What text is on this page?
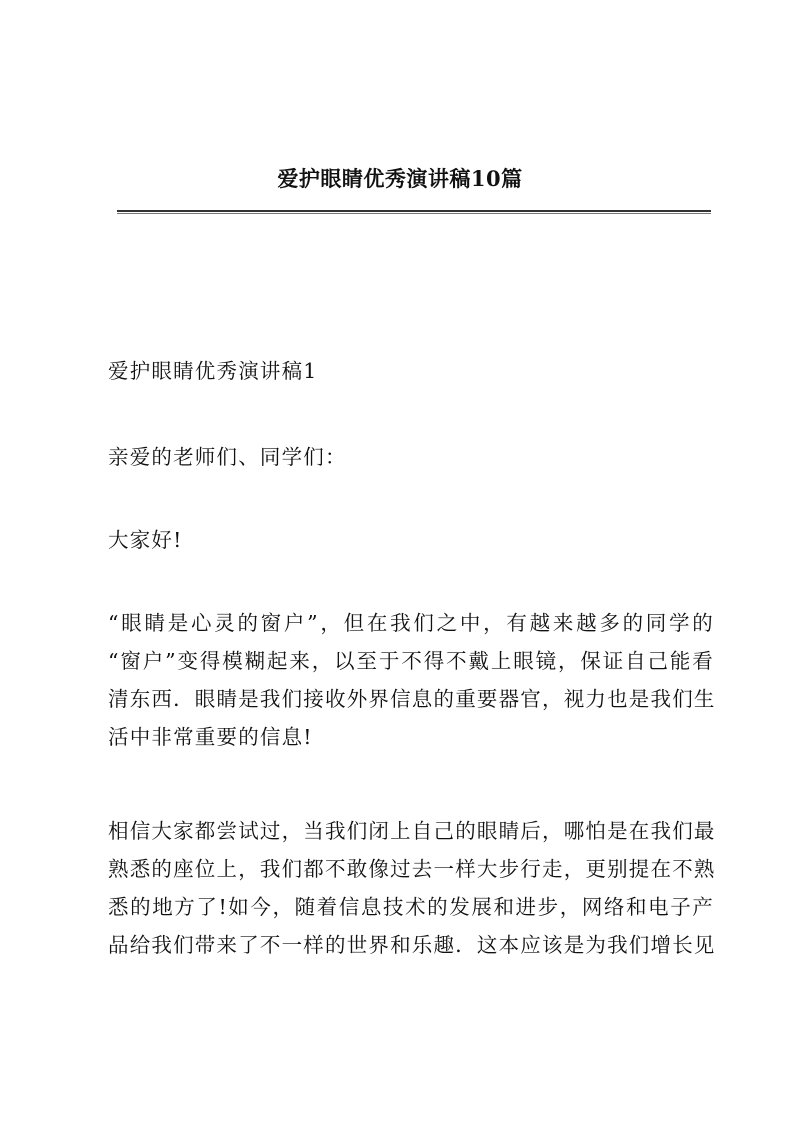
爱护眼睛优秀演讲稿10篇
爱护眼睛优秀演讲稿1
亲爱的老师们、同学们：
大家好!
“眼睛是心灵的窗户”，但在我们之中，有越来越多的同学的
“窗户”变得模糊起来，以至于不得不戴上眼镜，保证自己能看
清东西．眼睛是我们接收外界信息的重要器官，视力也是我们生
活中非常重要的信息!
相信大家都尝试过，当我们闭上自己的眼睛后，哪怕是在我们最
熟悉的座位上，我们都不敢像过去一样大步行走，更别提在不熟
悉的地方了!如今，随着信息技术的发展和进步，网络和电子产
品给我们带来了不一样的世界和乐趣．这本应该是为我们增长见
